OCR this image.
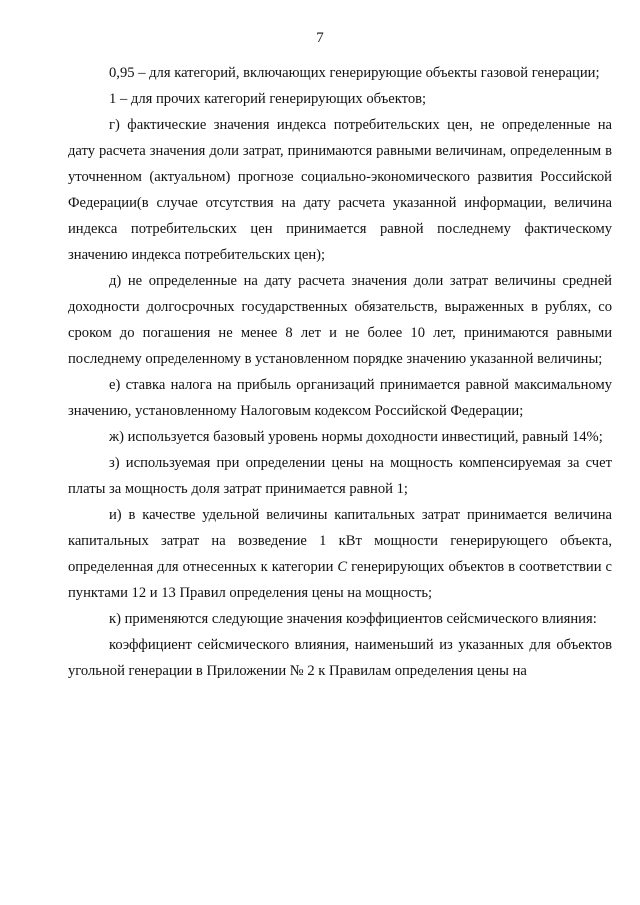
7

0,95 – для категорий, включающих генерирующие объекты газовой генерации;

1 – для прочих категорий генерирующих объектов;

г) фактические значения индекса потребительских цен, не определенные на дату расчета значения доли затрат, принимаются равными величинам, определенным в уточненном (актуальном) прогнозе социально-экономического развития Российской Федерации(в случае отсутствия на дату расчета указанной информации, величина индекса потребительских цен принимается равной последнему фактическому значению индекса потребительских цен);

д) не определенные на дату расчета значения доли затрат величины средней доходности долгосрочных государственных обязательств, выраженных в рублях, со сроком до погашения не менее 8 лет и не более 10 лет, принимаются равными последнему определенному в установленном порядке значению указанной величины;

е) ставка налога на прибыль организаций принимается равной максимальному значению, установленному Налоговым кодексом Российской Федерации;

ж) используется базовый уровень нормы доходности инвестиций, равный 14%;

з) используемая при определении цены на мощность компенсируемая за счет платы за мощность доля затрат принимается равной 1;

и) в качестве удельной величины капитальных затрат принимается величина капитальных затрат на возведение 1 кВт мощности генерирующего объекта, определенная для отнесенных к категории С генерирующих объектов в соответствии с пунктами 12 и 13 Правил определения цены на мощность;

к) применяются следующие значения коэффициентов сейсмического влияния:

коэффициент сейсмического влияния, наименьший из указанных для объектов угольной генерации в Приложении № 2 к Правилам определения цены на
